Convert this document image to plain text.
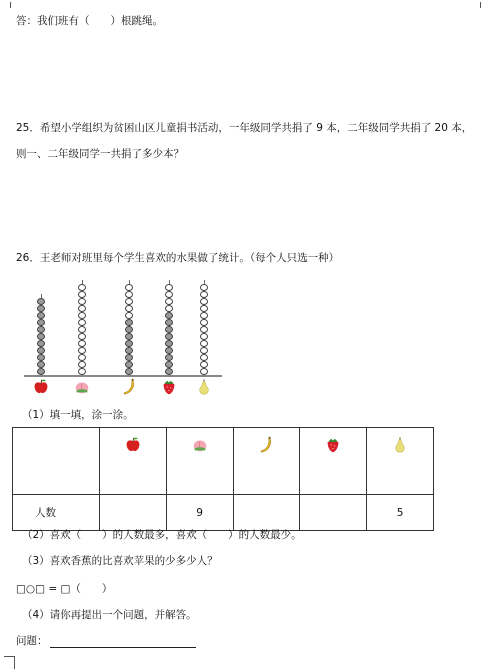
答：我们班有（　　）根跳绳。
25．希望小学组织为贫困山区儿童捐书活动，一年级同学共捐了 9 本，二年级同学共捐了 20 本，
则一、二年级同学一共捐了多少本？
26．王老师对班里每个学生喜欢的水果做了统计。（每个人只选一种）
（1）填一填，涂一涂。

人数		9			5
（2）喜欢（　　）的人数最多，喜欢（　　）的人数最少。
（3）喜欢香蕉的比喜欢苹果的少多少人？
□○□ = □（　　）
（4）请你再提出一个问题，并解答。
问题：
